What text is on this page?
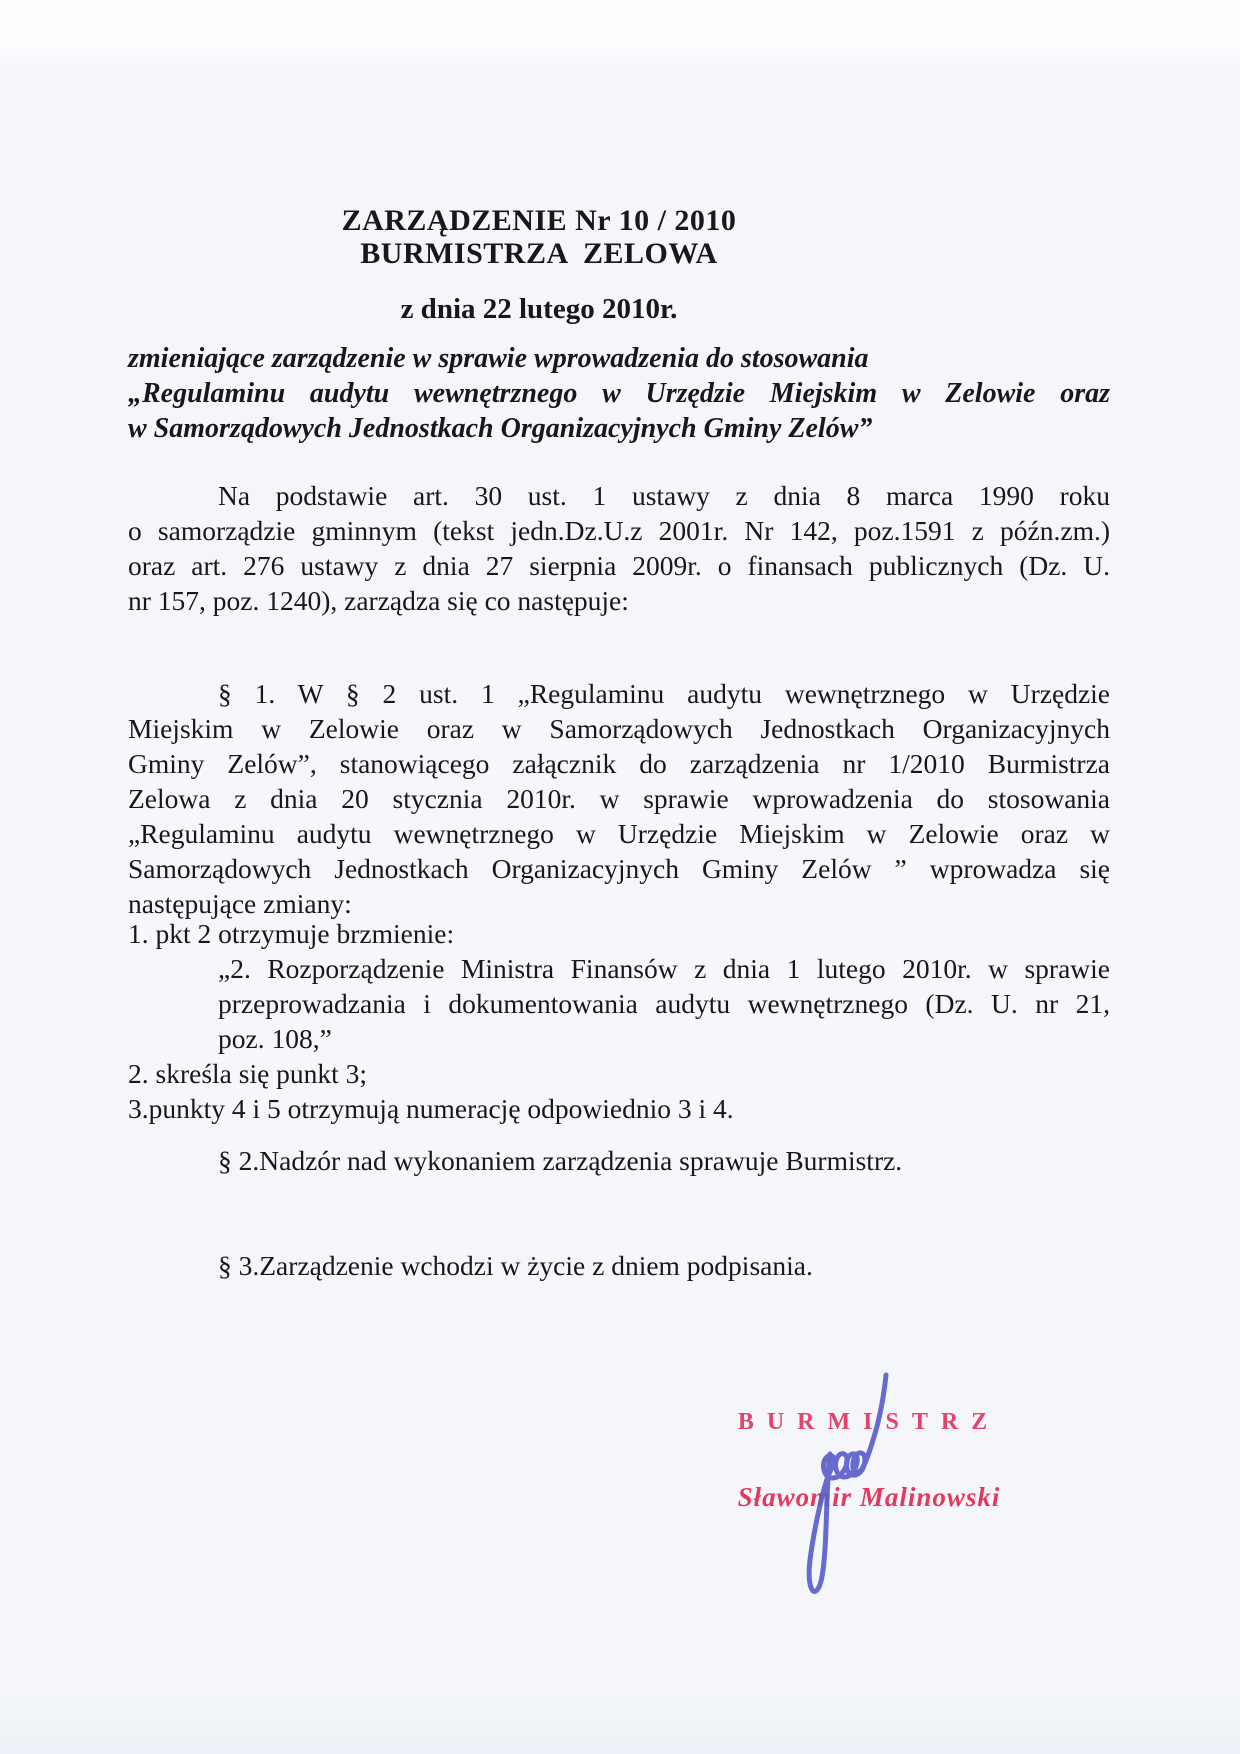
ZARZĄDZENIE Nr 10 / 2010
BURMISTRZA ZELOWA
z dnia 22 lutego 2010r.
zmieniające zarządzenie w sprawie wprowadzenia do stosowania
„Regulaminu audytu wewnętrznego w Urzędzie Miejskim w Zelowie oraz
w Samorządowych Jednostkach Organizacyjnych Gminy Zelów”
Na podstawie art. 30 ust. 1 ustawy z dnia 8 marca 1990 roku
o samorządzie gminnym (tekst jedn.Dz.U.z 2001r. Nr 142, poz.1591 z późn.zm.)
oraz art. 276 ustawy z dnia 27 sierpnia 2009r. o finansach publicznych (Dz. U.
nr 157, poz. 1240), zarządza się co następuje:
§ 1. W § 2 ust. 1 „Regulaminu audytu wewnętrznego w Urzędzie
Miejskim w Zelowie oraz w Samorządowych Jednostkach Organizacyjnych
Gminy Zelów”, stanowiącego załącznik do zarządzenia nr 1/2010 Burmistrza
Zelowa z dnia 20 stycznia 2010r. w sprawie wprowadzenia do stosowania
„Regulaminu audytu wewnętrznego w Urzędzie Miejskim w Zelowie oraz w
Samorządowych Jednostkach Organizacyjnych Gminy Zelów ” wprowadza się
następujące zmiany:
1. pkt 2 otrzymuje brzmienie:
„2. Rozporządzenie Ministra Finansów z dnia 1 lutego 2010r. w sprawie
przeprowadzania i dokumentowania audytu wewnętrznego (Dz. U. nr 21,
poz. 108,”
2. skreśla się punkt 3;
3.punkty 4 i 5 otrzymują numerację odpowiednio 3 i 4.
§ 2.Nadzór nad wykonaniem zarządzenia sprawuje Burmistrz.
§ 3.Zarządzenie wchodzi w życie z dniem podpisania.
BURMISTRZ
Sławomir Malinowski
